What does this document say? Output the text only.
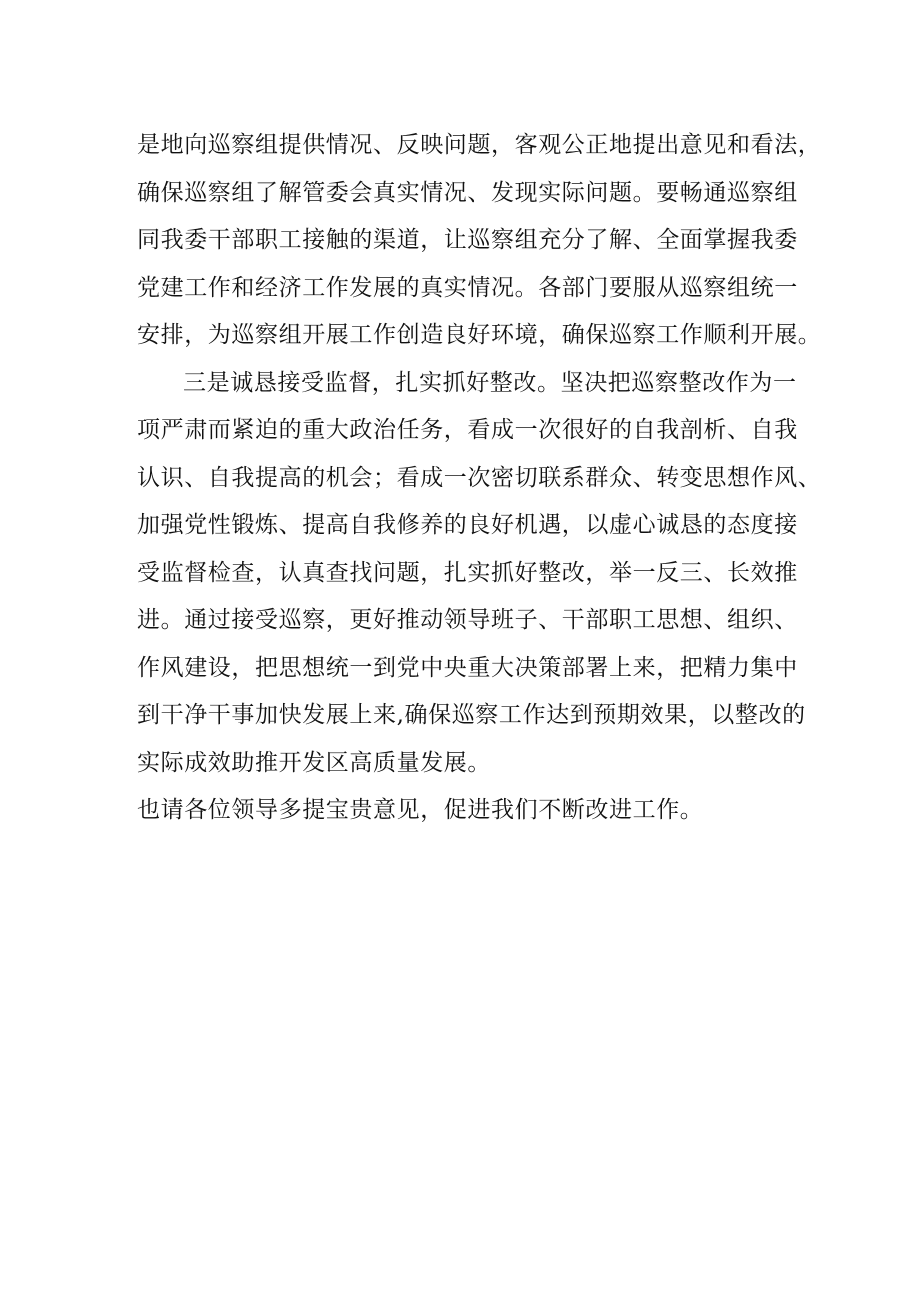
是地向巡察组提供情况、反映问题，客观公正地提出意见和看法，
确保巡察组了解管委会真实情况、发现实际问题。要畅通巡察组
同我委干部职工接触的渠道，让巡察组充分了解、全面掌握我委
党建工作和经济工作发展的真实情况。各部门要服从巡察组统一
安排，为巡察组开展工作创造良好环境，确保巡察工作顺利开展。
三是诚恳接受监督，扎实抓好整改。坚决把巡察整改作为一
项严肃而紧迫的重大政治任务，看成一次很好的自我剖析、自我
认识、自我提高的机会；看成一次密切联系群众、转变思想作风、
加强党性锻炼、提高自我修养的良好机遇，以虚心诚恳的态度接
受监督检查，认真查找问题，扎实抓好整改，举一反三、长效推
进。通过接受巡察，更好推动领导班子、干部职工思想、组织、
作风建设，把思想统一到党中央重大决策部署上来，把精力集中
到干净干事加快发展上来,确保巡察工作达到预期效果，以整改的
实际成效助推开发区高质量发展。
也请各位领导多提宝贵意见，促进我们不断改进工作。
